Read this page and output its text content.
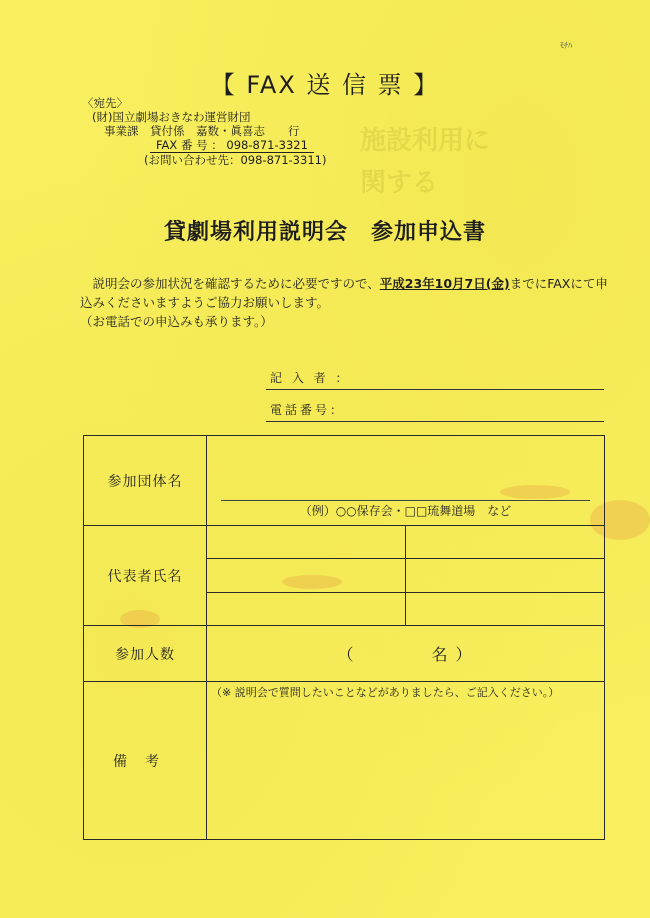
施設利用に
関する
ﾓﾁﾊ
【 FAX 送 信 票 】
〈宛先〉
(財)国立劇場おきなわ運営財団
事業課　貸付係　嘉数・眞喜志　　行
FAX 番 号 ： 098-871-3321
(お問い合わせ先：098-871-3311)
貸劇場利用説明会　参加申込書
　説明会の参加状況を確認するために必要ですので、平成23年10月7日(金)までにFAXにて申込みくださいますようご協力お願いします。
（お電話での申込みも承ります。）
記 入 者 ：
電話番号：
参加団体名	（例）○○保存会・□□琉舞道場　など	

代表者氏名		

参加人数	（ 名 ）	
備考	（※ 説明会で質問したいことなどがありましたら、ご記入ください。）	
